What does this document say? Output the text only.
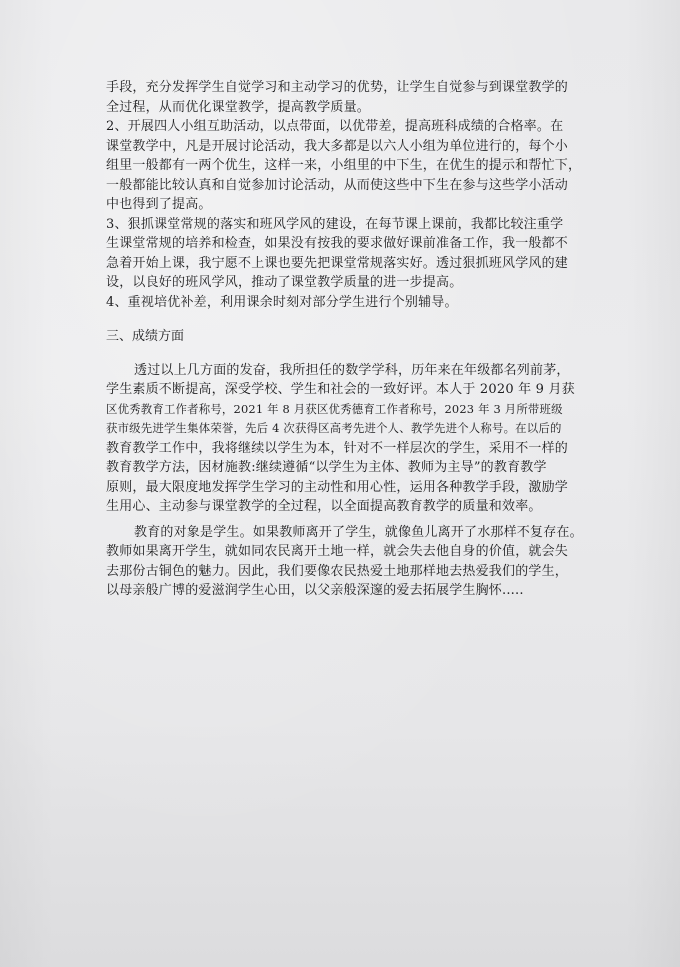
手段，充分发挥学生自觉学习和主动学习的优势，让学生自觉参与到课堂教学的
全过程，从而优化课堂教学，提高教学质量。
2、开展四人小组互助活动，以点带面，以优带差，提高班科成绩的合格率。在
课堂教学中，凡是开展讨论活动，我大多都是以六人小组为单位进行的，每个小
组里一般都有一两个优生，这样一来，小组里的中下生，在优生的提示和帮忙下，
一般都能比较认真和自觉参加讨论活动，从而使这些中下生在参与这些学小活动
中也得到了提高。
3、狠抓课堂常规的落实和班风学风的建设，在每节课上课前，我都比较注重学
生课堂常规的培养和检查，如果没有按我的要求做好课前准备工作，我一般都不
急着开始上课，我宁愿不上课也要先把课堂常规落实好。透过狠抓班风学风的建
设，以良好的班风学风，推动了课堂教学质量的进一步提高。
4、重视培优补差，利用课余时刻对部分学生进行个别辅导。
三、成绩方面
透过以上几方面的发奋，我所担任的数学学科，历年来在年级都名列前茅，
学生素质不断提高，深受学校、学生和社会的一致好评。本人于 2020 年 9 月获
区优秀教育工作者称号，2021 年 8 月获区优秀德育工作者称号，2023 年 3 月所带班级
获市级先进学生集体荣誉，先后 4 次获得区高考先进个人、教学先进个人称号。在以后的
教育教学工作中，我将继续以学生为本，针对不一样层次的学生，采用不一样的
教育教学方法，因材施教:继续遵循“以学生为主体、教师为主导”的教育教学
原则，最大限度地发挥学生学习的主动性和用心性，运用各种教学手段，激励学
生用心、主动参与课堂教学的全过程，以全面提高教育教学的质量和效率。
教育的对象是学生。如果教师离开了学生，就像鱼儿离开了水那样不复存在。
教师如果离开学生，就如同农民离开土地一样，就会失去他自身的价值，就会失
去那份古铜色的魅力。因此，我们要像农民热爱土地那样地去热爱我们的学生，
以母亲般广博的爱滋润学生心田，以父亲般深邃的爱去拓展学生胸怀.....
